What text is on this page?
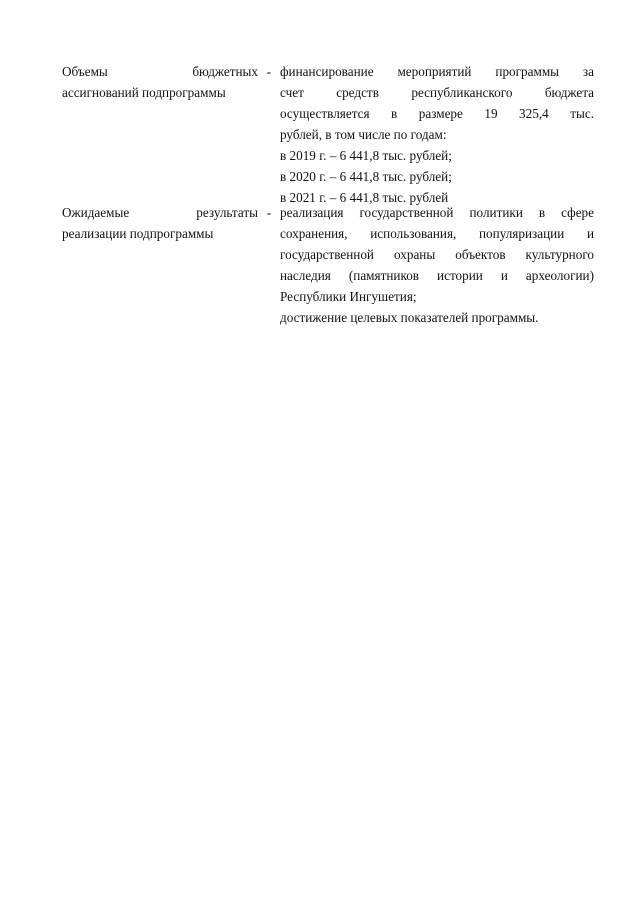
Объемы	бюджетных
ассигнований подпрограммы
- финансирование мероприятий программы за
счет средств республиканского бюджета
осуществляется в размере 19 325,4 тыс.
рублей, в том числе по годам:
в 2019 г. – 6 441,8 тыс. рублей;
в 2020 г. – 6 441,8 тыс. рублей;
в 2021 г. – 6 441,8 тыс. рублей
Ожидаемые	результаты
реализации подпрограммы
- реализация государственной политики в сфере
сохранения, использования, популяризации и
государственной охраны объектов культурного
наследия (памятников истории и археологии)
Республики Ингушетия;
достижение целевых показателей программы.
